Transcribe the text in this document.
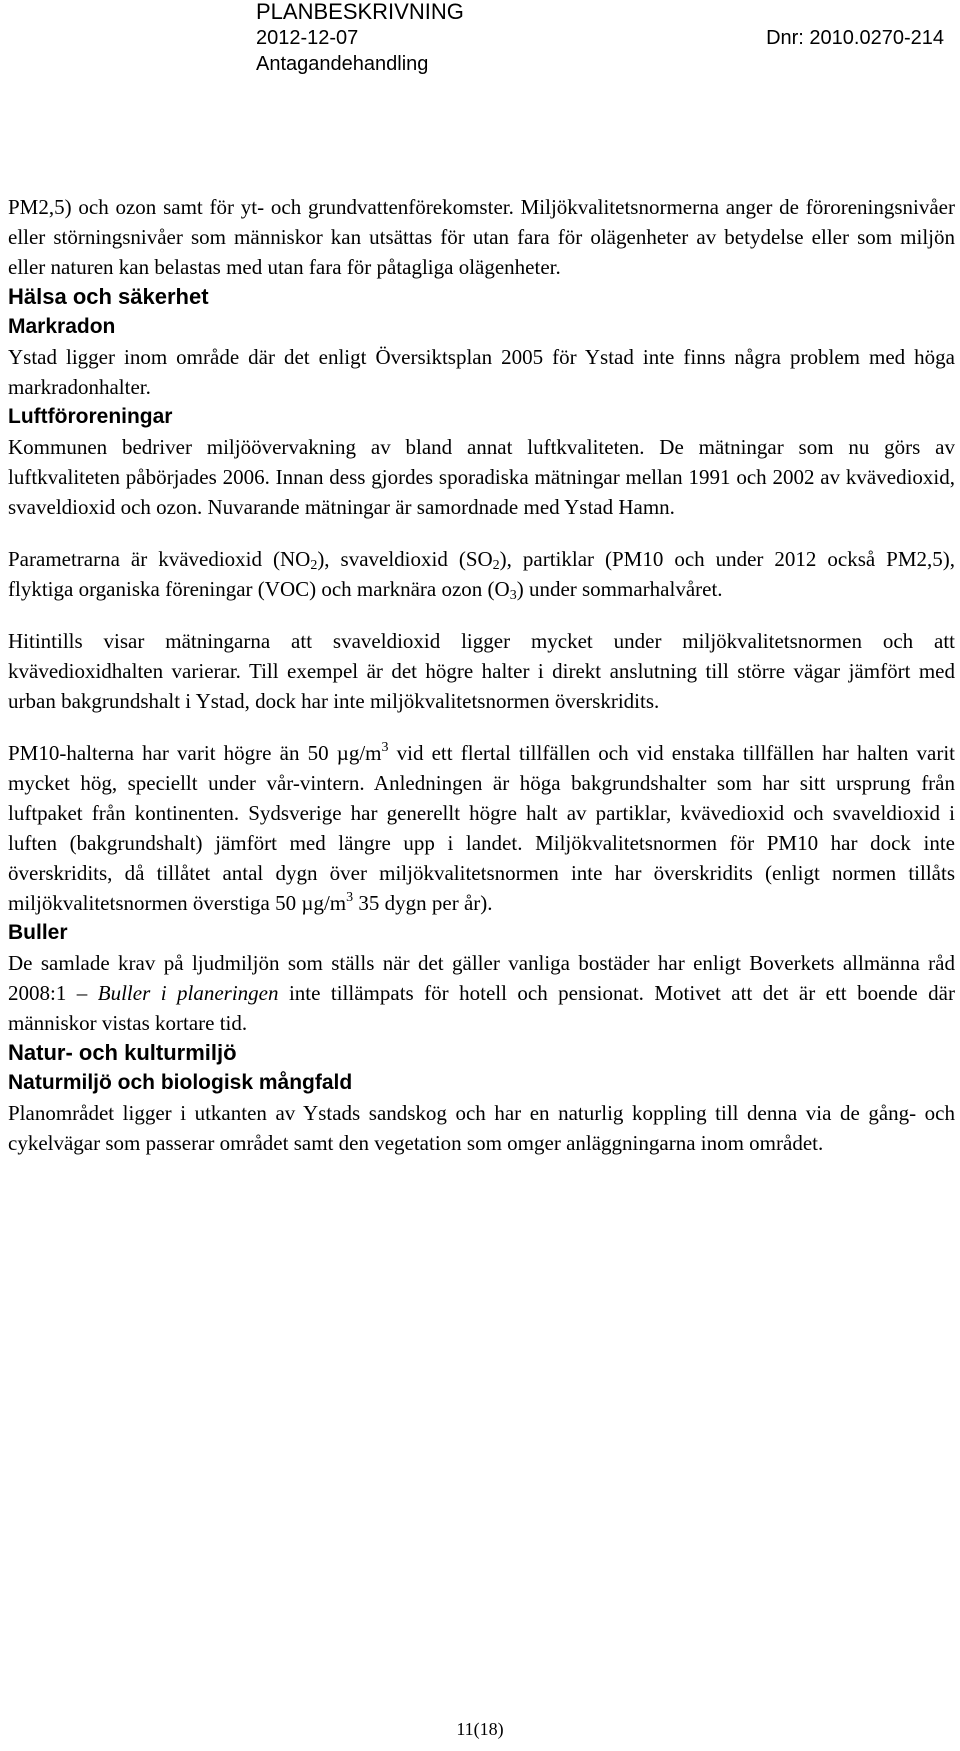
PLANBESKRIVNING
2012-12-07	Dnr: 2010.0270-214
Antagandehandling

PM2,5) och ozon samt för yt- och grundvattenförekomster. Miljökvalitetsnormerna anger de föroreningsnivåer eller störningsnivåer som människor kan utsättas för utan fara för olägenheter av betydelse eller som miljön eller naturen kan belastas med utan fara för påtagliga olägenheter.

Hälsa och säkerhet
Markradon

Ystad ligger inom område där det enligt Översiktsplan 2005 för Ystad inte finns några problem med höga markradonhalter.

Luftföroreningar

Kommunen bedriver miljöövervakning av bland annat luftkvaliteten. De mätningar som nu görs av luftkvaliteten påbörjades 2006. Innan dess gjordes sporadiska mätningar mellan 1991 och 2002 av kvävedioxid, svaveldioxid och ozon. Nuvarande mätningar är samordnade med Ystad Hamn.

Parametrarna är kvävedioxid $(NO_2)$, svaveldioxid $(SO_2)$, partiklar (PM10 och under 2012 också PM2,5), flyktiga organiska föreningar (VOC) och marknära ozon $(O_3)$ under sommarhalvåret.

Hitintills visar mätningarna att svaveldioxid ligger mycket under miljökvalitetsnormen och att kvävedioxidhalten varierar. Till exempel är det högre halter i direkt anslutning till större vägar jämfört med urban bakgrundshalt i Ystad, dock har inte miljökvalitetsnormen överskridits.

PM10-halterna har varit högre än 50 $\mu g/m^3$ vid ett flertal tillfällen och vid enstaka tillfällen har halten varit mycket hög, speciellt under vår-vintern. Anledningen är höga bakgrundshalter som har sitt ursprung från luftpaket från kontinenten. Sydsverige har generellt högre halt av partiklar, kvävedioxid och svaveldioxid i luften (bakgrundshalt) jämfört med längre upp i landet. Miljökvalitetsnormen för PM10 har dock inte överskridits, då tillåtet antal dygn över miljökvalitetsnormen inte har överskridits (enligt normen tillåts miljökvalitetsnormen överstiga 50 $\mu g/m^3$ 35 dygn per år).

Buller

De samlade krav på ljudmiljön som ställs när det gäller vanliga bostäder har enligt Boverkets allmänna råd 2008:1 – Buller i planeringen inte tillämpats för hotell och pensionat. Motivet att det är ett boende där människor vistas kortare tid.

Natur- och kulturmiljö
Naturmiljö och biologisk mångfald

Planområdet ligger i utkanten av Ystads sandskog och har en naturlig koppling till denna via de gång- och cykelvägar som passerar området samt den vegetation som omger anläggningarna inom området.

11(18)
